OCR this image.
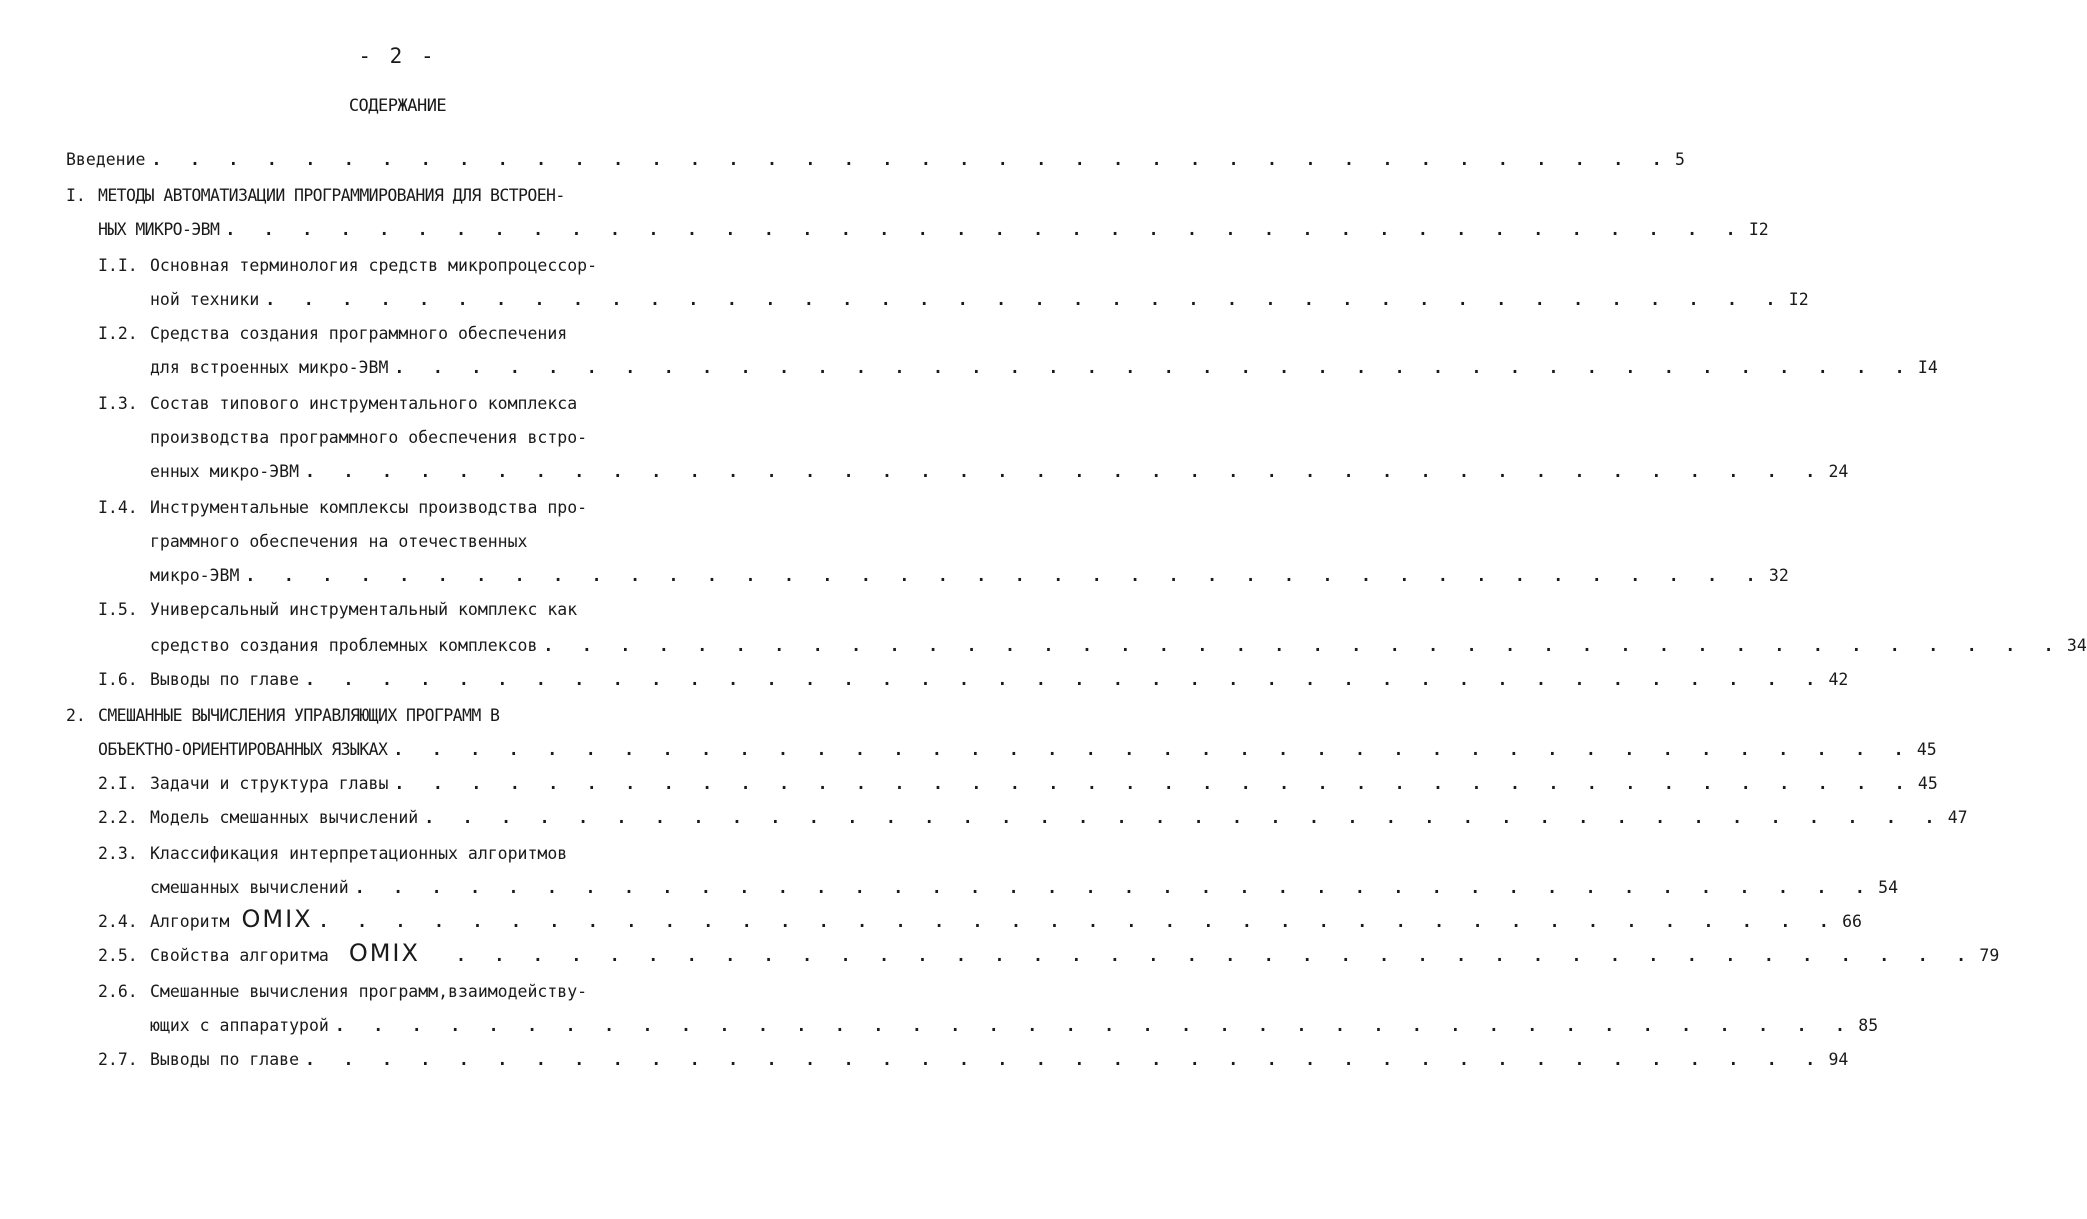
- 2 -
СОДЕРЖАНИЕ
Введение . . . . . . . . . . . . . . . . . . . . . . . . . . . . . . . . . . . . . . . . 5
I. МЕТОДЫ АВТОМАТИЗАЦИИ ПРОГРАММИРОВАНИЯ ДЛЯ ВСТРОЕН-
НЫХ МИКРО-ЭВМ . . . . . . . . . . . . . . . . . . . . . . . . . . . . . . . . . . . . . . . . I2
I.I. Основная терминология средств микропроцессор-
ной техники . . . . . . . . . . . . . . . . . . . . . . . . . . . . . . . . . . . . . . . . I2
I.2. Средства создания программного обеспечения
для встроенных микро-ЭВМ . . . . . . . . . . . . . . . . . . . . . . . . . . . . . . . . . . . . . . . . I4
I.3. Состав типового инструментального комплекса
производства программного обеспечения встро-
енных микро-ЭВМ . . . . . . . . . . . . . . . . . . . . . . . . . . . . . . . . . . . . . . . . 24
I.4. Инструментальные комплексы производства про-
граммного обеспечения на отечественных
микро-ЭВМ . . . . . . . . . . . . . . . . . . . . . . . . . . . . . . . . . . . . . . . . 32
I.5. Универсальный инструментальный комплекс как
средство создания проблемных комплексов . . . . . . . . . . . . . . . . . . . . . . . . . . . . . . . . . . . . . . . . 34
I.6. Выводы по главе . . . . . . . . . . . . . . . . . . . . . . . . . . . . . . . . . . . . . . . . 42
2. СМЕШАННЫЕ ВЫЧИСЛЕНИЯ УПРАВЛЯЮЩИХ ПРОГРАММ В
ОБЪЕКТНО-ОРИЕНТИРОВАННЫХ ЯЗЫКАХ . . . . . . . . . . . . . . . . . . . . . . . . . . . . . . . . . . . . . . . . 45
2.I. Задачи и структура главы . . . . . . . . . . . . . . . . . . . . . . . . . . . . . . . . . . . . . . . . 45
2.2. Модель смешанных вычислений . . . . . . . . . . . . . . . . . . . . . . . . . . . . . . . . . . . . . . . . 47
2.3. Классификация интерпретационных алгоритмов
смешанных вычислений . . . . . . . . . . . . . . . . . . . . . . . . . . . . . . . . . . . . . . . . 54
2.4. Алгоритм OMIX . . . . . . . . . . . . . . . . . . . . . . . . . . . . . . . . . . . . . . . . 66
2.5. Свойства алгоритма OMIX	. . . . . . . . . . . . . . . . . . . . . . . . . . . . . . . . . . . . . . . . 79
2.6. Смешанные вычисления программ,взаимодейству-
ющих с аппаратурой . . . . . . . . . . . . . . . . . . . . . . . . . . . . . . . . . . . . . . . . 85
2.7. Выводы по главе . . . . . . . . . . . . . . . . . . . . . . . . . . . . . . . . . . . . . . . . 94
